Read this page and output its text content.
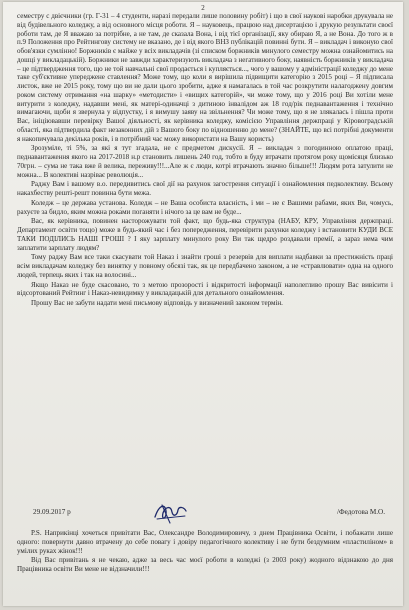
2

семестру с двієчники (гр. Г-31 – 4 студенти, наразі передали лише половину робіт) і що в свої наукові наробки друкувала не від будівельного коледжу, а від основного місця роботи. Я – науковець, працюю над дисертацією і друкую результати своєї роботи там, де Я вважаю за потрібне, а не там, де сказала Вона, і від тієї організації, яку обираю Я, а не Вона. До того ж в п.9 Положення про Рейтингову систему не вказано, де і від якого ВНЗ публікацій повинні бути. Я – викладач і виконую свої обов'язки сумлінно! Боржників є майже у всіх викладачів (зі списком боржників минулого семестру можна ознайомитись на дошці у викладацькій). Боржники не завжди характеризують викладача з негативного боку, наявність боржників у викладача – це підтвердження того, що не той навчальні свої продається і купляється..., чого у вашому у адміністрації коледжу до мене таке суб'єктивне упереджене ставлення? Може тому, що коли я вирішила підвищити категорію з 2015 році – Я підписала листок, вже не 2015 року, тому що ви не дали цього зробити, адже я намагалась в той час розкрутити налагоджену довгим роком систему отримання «на шарку» «методисти» і «вищих категорій», чи може тому, що у 2016 році Ви хотіли мене витурити з коледжу, надавши мені, як матері-одиначці з дитиною інвалідом аж 18 год/рік педнавантаження і технічно вимагаючи, щоби я звернула у відпустку, і я вимушу заяву на звільнення? Чи може тому, що я не злякалась і пішла проти Вас, ініціювавши перевірку Вашої діяльності, як керівника коледжу, комісією Управління держпраці у Кіровоградській області, яка підтвердила факт незаконних дій з Вашого боку по відношенню до мене? (ЗНАЙТЕ, що всі потрібні документи я накопичувала декілька років, і в потрібний час можу використати на Вашу користь)

Зрозуміле, ті 5%, за які я тут згадала, не є предметом дискусії. Я – викладач з погодинною оплатою праці, педнавантаження якого на 2017-2018 н.р становить лишень 240 год, тобто в буду втрачати протягом року щомісяця близько 70грн. – сума не така вже й велика, переживу!!!...Але ж є люди, котрі втрачають значно більше!!! Людям рота затулити не можна... В колективі назріває революція...

Раджу Вам і вашому в.о. передивитись свої дії на рахунок загострення ситуації і ознайомлення педколективу. Всьому накахбеству решті-решт повинна бути межа.

Коледж – це держава установа. Коледж – не Ваша особиста власність, і ми – не є Вашими рабами, яких Ви, чомусь, рахуєте за бидло, яким можна рока́ми поганяти і нічого за це вам не буде...

Вас, як керівника, повинен насторожувати той факт, що будь-яка структура (НАБУ, КРУ, Управління держпраці. Департамент освіти тощо) може в будь-який час і без попередження, перевірити рахунки коледжу і встановити КУДИ ВСЕ ТАКИ ПОДІЛИСЬ НАШІ ГРОШІ ? І яку зарплату минулого року Ви так щедро роздавали премії, а зараз нема чим заплатити зарплату людям?

Тому раджу Вам все таки скасувати той Наказ і знайти гроші з резервів для виплати надбавки за престижність праці всім викладачам коледжу без винятку у повному обсязі так, як це передбачено законом, а не «стравлювати» одна на одного людей, терпець яких і так на волосині...

Якщо Наказ не буде скасовано, то з метою прозорості і відкритості інформації наполегливо прошу Вас вивісити і відсортований Рейтинг і Наказ-невидимку у викладацькій для детального ознайомлення.

Прошу Вас не забути надати мені письмову відповідь у визначений законом термін.

29.09.2017 р	/Федотова М.О.

P.S. Наприкінці хочеться привітати Вас, Олександре Володимировичу, з днем Працівника Освіти, і побажати лише одного: повернути давно втрачену до себе повагу і довіру педагогічного колективу і не бути бездумним «пластиліном» в умілих руках жінок!!!

Від Вас привітань я не чекаю, адже за весь час моєї роботи в коледжі (з 2003 року) жодного відзнакою до дня Працівника освіти Ви мене не відзначили!!!
